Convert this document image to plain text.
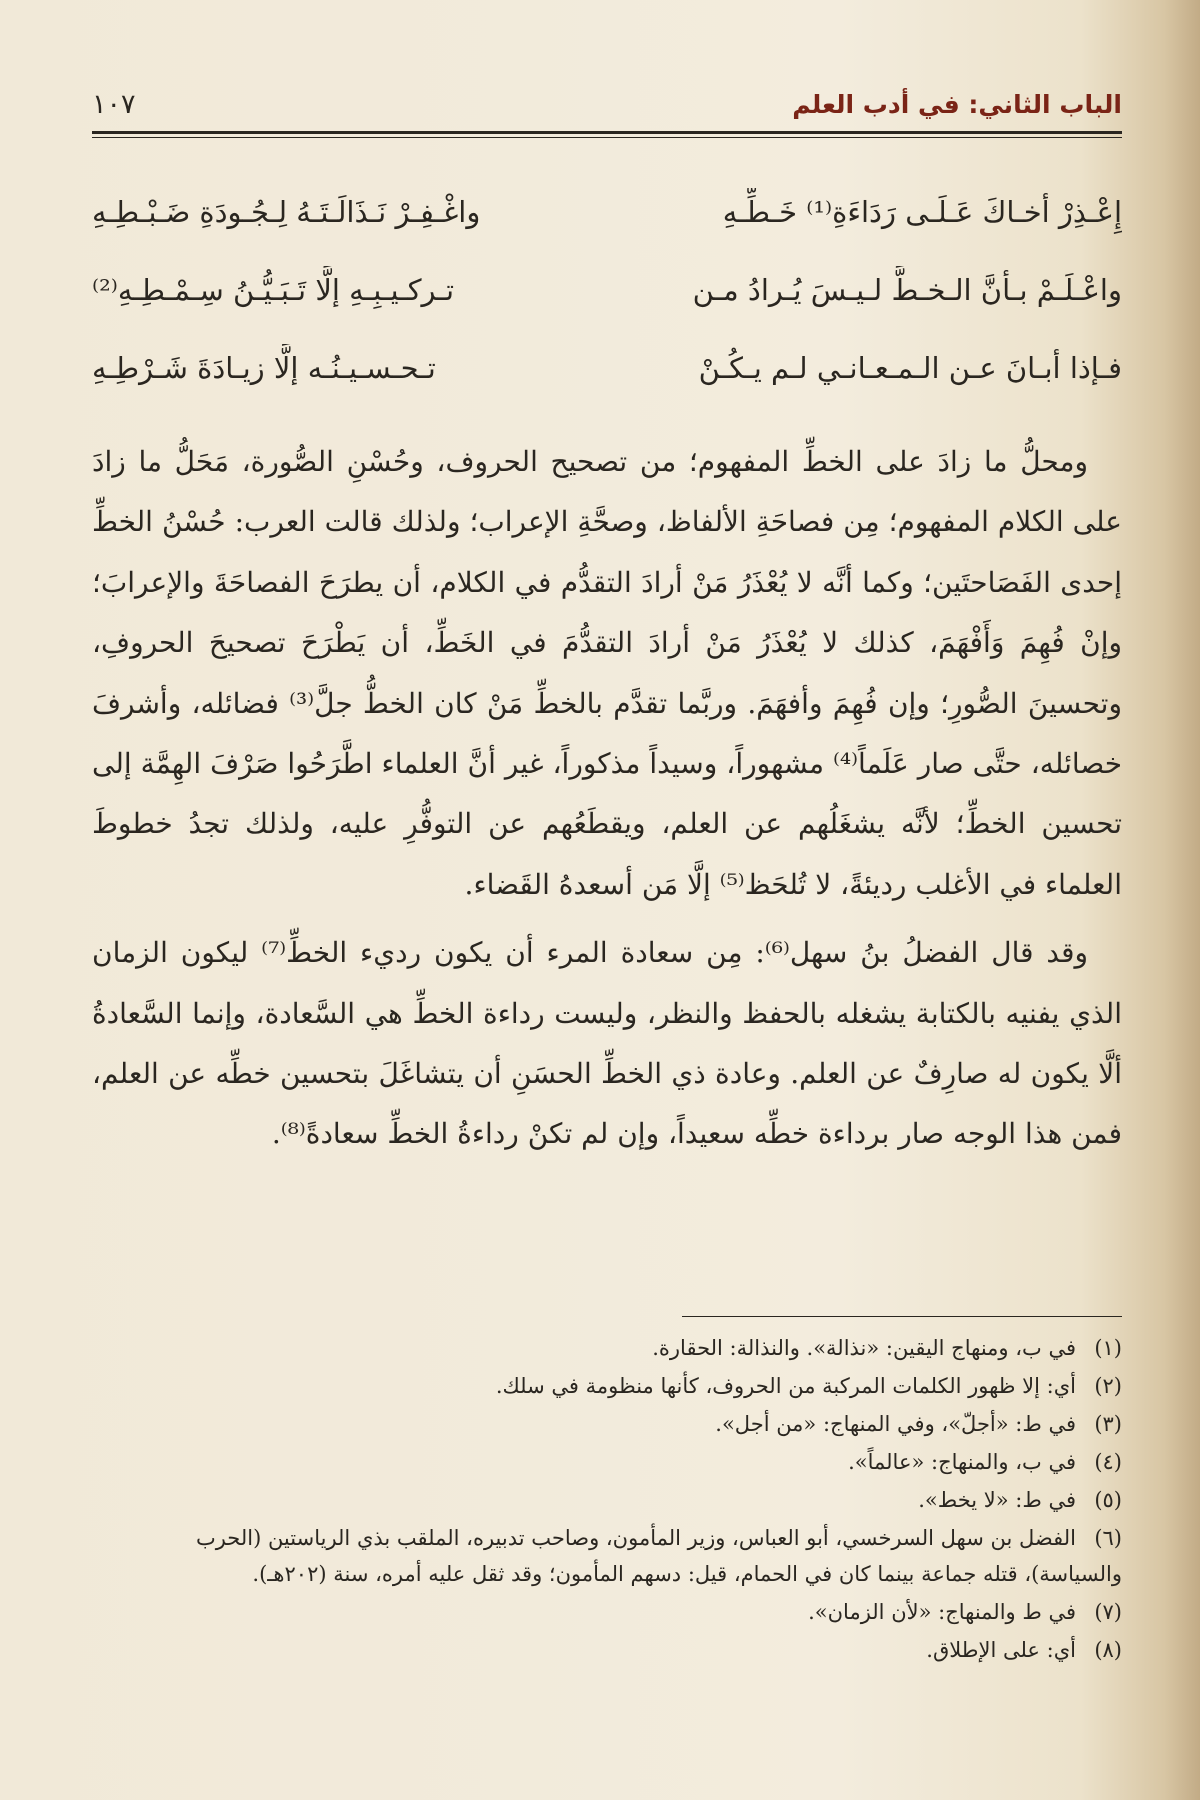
الباب الثاني: في أدب العلم
١٠٧
إِعْـذِرْ أخـاكَ عَـلَـى رَدَاءَةِ⁽¹⁾ خَـطِّـهِ
واغْـفِـرْ نَـذَالَـتَـهُ لِـجُـودَةِ ضَـبْـطِـهِ
واعْـلَـمْ بـأنَّ الـخـطَّ لـيـسَ يُـرادُ مـن
تـركـيـبِـهِ إلَّا تَـبَـيُّـنُ سِـمْـطِـهِ⁽²⁾
فـإذا أبـانَ عـن الـمـعـانـي لـم يـكُـنْ
تـحـسـيـنُـه إلَّا زيـادَةَ شَـرْطِـهِ

ومحلُّ ما زادَ على الخطِّ المفهوم؛ من تصحيح الحروف، وحُسْنِ الصُّورة، مَحَلُّ ما زادَ على الكلام المفهوم؛ مِن فصاحَةِ الألفاظ، وصحَّةِ الإعراب؛ ولذلك قالت العرب: حُسْنُ الخطِّ إحدى الفَصَاحتَين؛ وكما أنَّه لا يُعْذَرُ مَنْ أرادَ التقدُّم في الكلام، أن يطرَحَ الفصاحَةَ والإعرابَ؛ وإنْ فُهِمَ وَأَفْهَمَ، كذلك لا يُعْذَرُ مَنْ أرادَ التقدُّمَ في الخَطِّ، أن يَطْرَحَ تصحيحَ الحروفِ، وتحسينَ الصُّورِ؛ وإن فُهِمَ وأفهَمَ. وربَّما تقدَّم بالخطِّ مَنْ كان الخطُّ جلَّ⁽³⁾ فضائله، وأشرفَ خصائله، حتَّى صار عَلَماً⁽⁴⁾ مشهوراً، وسيداً مذكوراً، غير أنَّ العلماء اطَّرَحُوا صَرْفَ الهِمَّة إلى تحسين الخطِّ؛ لأنَّه يشغَلُهم عن العلم، ويقطَعُهم عن التوفُّرِ عليه، ولذلك تجدُ خطوطَ العلماء في الأغلب رديئةً، لا تُلحَظ⁽⁵⁾ إلَّا مَن أسعدهُ القَضاء.

وقد قال الفضلُ بنُ سهل⁽⁶⁾: مِن سعادة المرء أن يكون رديء الخطِّ⁽⁷⁾ ليكون الزمان الذي يفنيه بالكتابة يشغله بالحفظ والنظر، وليست رداءة الخطِّ هي السَّعادة، وإنما السَّعادةُ ألَّا يكون له صارِفٌ عن العلم. وعادة ذي الخطِّ الحسَنِ أن يتشاغَلَ بتحسين خطِّه عن العلم، فمن هذا الوجه صار برداءة خطِّه سعيداً، وإن لم تكنْ رداءةُ الخطِّ سعادةً⁽⁸⁾.

(١)في ب، ومنهاج اليقين: «نذالة». والنذالة: الحقارة.
(٢)أي: إلا ظهور الكلمات المركبة من الحروف، كأنها منظومة في سلك.
(٣)في ط: «أجلّ»، وفي المنهاج: «من أجل».
(٤)في ب، والمنهاج: «عالماً».
(٥)في ط: «لا يخط».
(٦)الفضل بن سهل السرخسي، أبو العباس، وزير المأمون، وصاحب تدبيره، الملقب بذي الرياستين (الحرب والسياسة)، قتله جماعة بينما كان في الحمام، قيل: دسهم المأمون؛ وقد ثقل عليه أمره، سنة (٢٠٢هـ).
(٧)في ط والمنهاج: «لأن الزمان».
(٨)أي: على الإطلاق.
